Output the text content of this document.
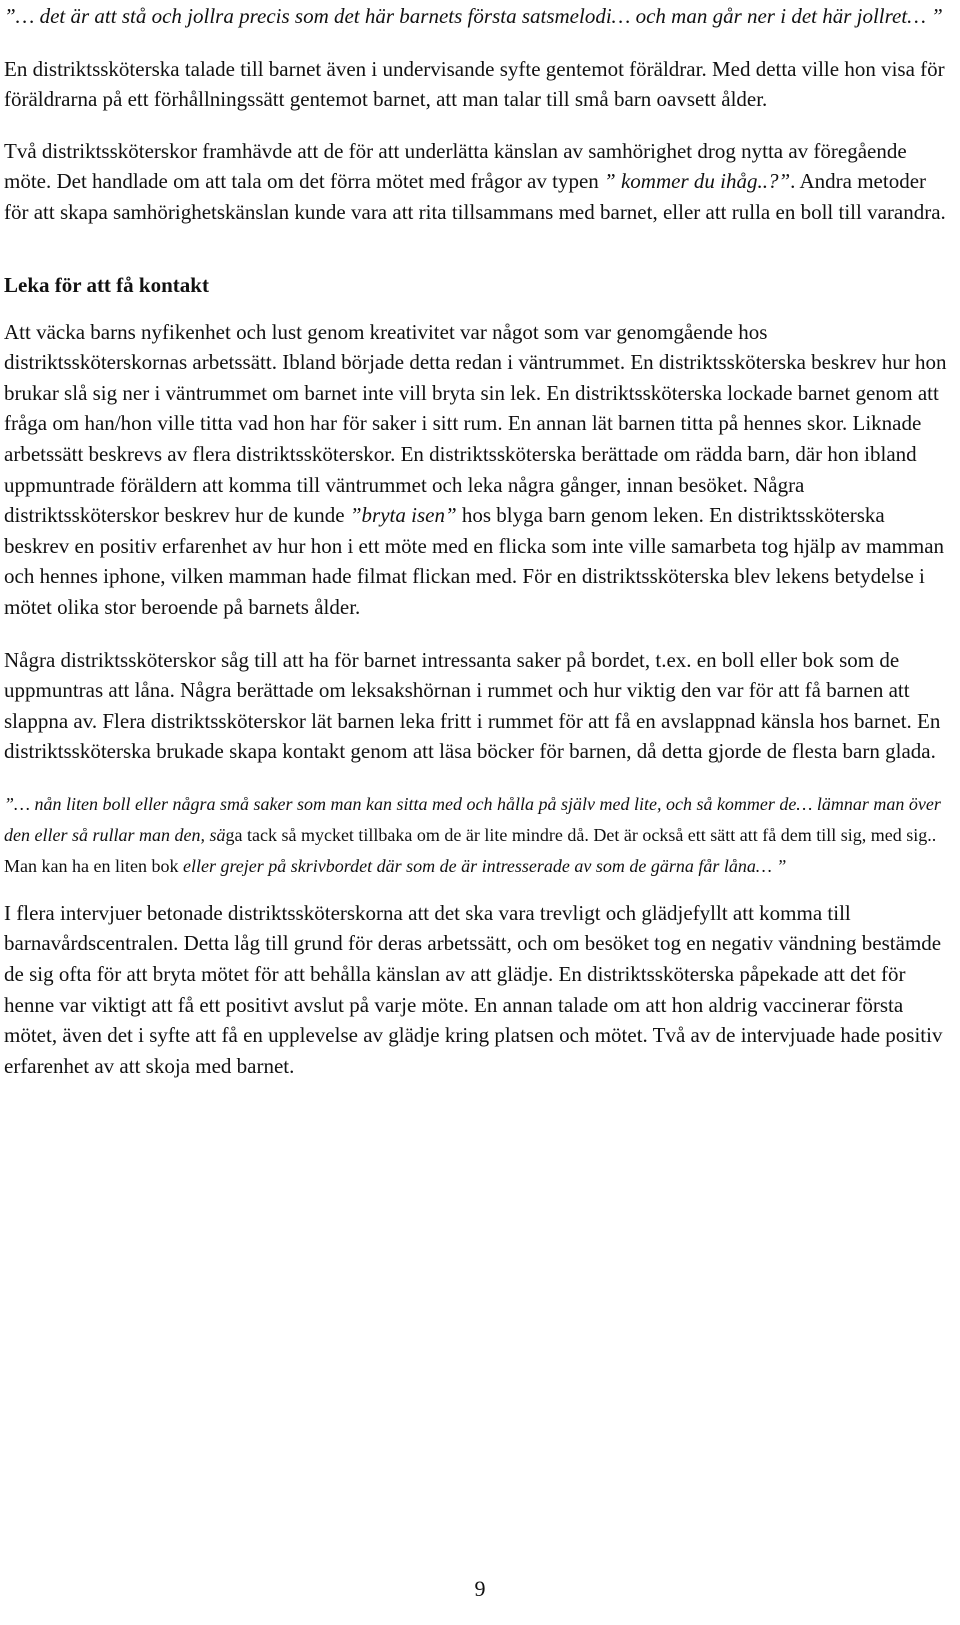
”… det är att stå och jollra precis som det här barnets första satsmelodi… och man går ner i det här jollret… ”

En distriktssköterska talade till barnet även i undervisande syfte gentemot föräldrar. Med detta ville hon visa för föräldrarna på ett förhållningssätt gentemot barnet, att man talar till små barn oavsett ålder.

Två distriktssköterskor framhävde att de för att underlätta känslan av samhörighet drog nytta av föregående möte. Det handlade om att tala om det förra mötet med frågor av typen ” kommer du ihåg..?”. Andra metoder för att skapa samhörighetskänslan kunde vara att rita tillsammans med barnet, eller att rulla en boll till varandra.

Leka för att få kontakt

Att väcka barns nyfikenhet och lust genom kreativitet var något som var genomgående hos distriktssköterskornas arbetssätt. Ibland började detta redan i väntrummet. En distriktssköterska beskrev hur hon brukar slå sig ner i väntrummet om barnet inte vill bryta sin lek. En distriktssköterska lockade barnet genom att fråga om han/hon ville titta vad hon har för saker i sitt rum. En annan lät barnen titta på hennes skor. Liknade arbetssätt beskrevs av flera distriktssköterskor. En distriktssköterska berättade om rädda barn, där hon ibland uppmuntrade föräldern att komma till väntrummet och leka några gånger, innan besöket. Några distriktssköterskor beskrev hur de kunde ”bryta isen” hos blyga barn genom leken. En distriktssköterska beskrev en positiv erfarenhet av hur hon i ett möte med en flicka som inte ville samarbeta tog hjälp av mamman och hennes iphone, vilken mamman hade filmat flickan med. För en distriktssköterska blev lekens betydelse i mötet olika stor beroende på barnets ålder.

Några distriktssköterskor såg till att ha för barnet intressanta saker på bordet, t.ex. en boll eller bok som de uppmuntras att låna. Några berättade om leksakshörnan i rummet och hur viktig den var för att få barnen att slappna av. Flera distriktssköterskor lät barnen leka fritt i rummet för att få en avslappnad känsla hos barnet. En distriktssköterska brukade skapa kontakt genom att läsa böcker för barnen, då detta gjorde de flesta barn glada.

”… nån liten boll eller några små saker som man kan sitta med och hålla på själv med lite, och så kommer de… lämnar man över den eller så rullar man den, säga tack så mycket tillbaka om de är lite mindre då. Det är också ett sätt att få dem till sig, med sig.. Man kan ha en liten bok eller grejer på skrivbordet där som de är intresserade av som de gärna får låna… ”

I flera intervjuer betonade distriktssköterskorna att det ska vara trevligt och glädjefyllt att komma till barnavårdscentralen. Detta låg till grund för deras arbetssätt, och om besöket tog en negativ vändning bestämde de sig ofta för att bryta mötet för att behålla känslan av att glädje. En distriktssköterska påpekade att det för henne var viktigt att få ett positivt avslut på varje möte. En annan talade om att hon aldrig vaccinerar första mötet, även det i syfte att få en upplevelse av glädje kring platsen och mötet. Två av de intervjuade hade positiv erfarenhet av att skoja med barnet.

9
